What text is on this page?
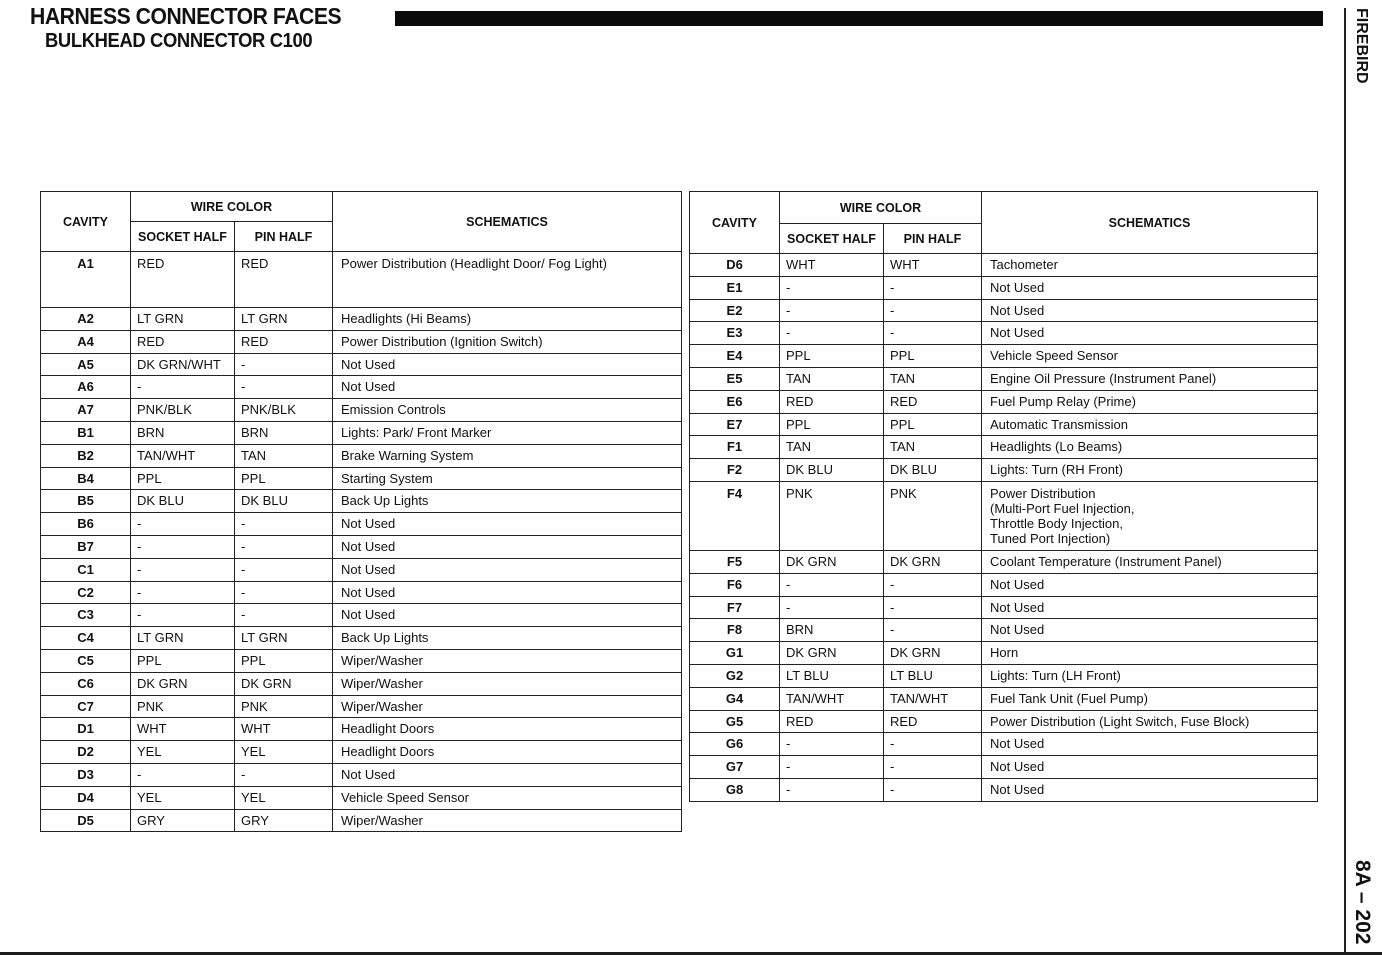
HARNESS CONNECTOR FACES
BULKHEAD CONNECTOR C100	FIREBIRD
8A – 202
CAVITY	WIRE COLOR		SCHEMATICS
	SOCKET HALF	PIN HALF	
A1	RED	RED	Power Distribution (Headlight Door/ Fog Light)
A2	LT GRN	LT GRN	Headlights (Hi Beams)
A4	RED	RED	Power Distribution (Ignition Switch)
A5	DK GRN/WHT	-	Not Used
A6	-	-	Not Used
A7	PNK/BLK	PNK/BLK	Emission Controls
B1	BRN	BRN	Lights: Park/ Front Marker
B2	TAN/WHT	TAN	Brake Warning System
B4	PPL	PPL	Starting System
B5	DK BLU	DK BLU	Back Up Lights
B6	-	-	Not Used
B7	-	-	Not Used
C1	-	-	Not Used
C2	-	-	Not Used
C3	-	-	Not Used
C4	LT GRN	LT GRN	Back Up Lights
C5	PPL	PPL	Wiper/Washer
C6	DK GRN	DK GRN	Wiper/Washer
C7	PNK	PNK	Wiper/Washer
D1	WHT	WHT	Headlight Doors
D2	YEL	YEL	Headlight Doors
D3	-	-	Not Used
D4	YEL	YEL	Vehicle Speed Sensor
D5	GRY	GRY	Wiper/Washer
CAVITY	WIRE COLOR		SCHEMATICS
	SOCKET HALF	PIN HALF	
D6	WHT	WHT	Tachometer
E1	-	-	Not Used
E2	-	-	Not Used
E3	-	-	Not Used
E4	PPL	PPL	Vehicle Speed Sensor
E5	TAN	TAN	Engine Oil Pressure (Instrument Panel)
E6	RED	RED	Fuel Pump Relay (Prime)
E7	PPL	PPL	Automatic Transmission
F1	TAN	TAN	Headlights (Lo Beams)
F2	DK BLU	DK BLU	Lights: Turn (RH Front)
F4	PNK	PNK	Power Distribution
(Multi-Port Fuel Injection,
Throttle Body Injection,
Tuned Port Injection)
F5	DK GRN	DK GRN	Coolant Temperature (Instrument Panel)
F6	-	-	Not Used
F7	-	-	Not Used
F8	BRN	-	Not Used
G1	DK GRN	DK GRN	Horn
G2	LT BLU	LT BLU	Lights: Turn (LH Front)
G4	TAN/WHT	TAN/WHT	Fuel Tank Unit (Fuel Pump)
G5	RED	RED	Power Distribution (Light Switch, Fuse Block)
G6	-	-	Not Used
G7	-	-	Not Used
G8	-	-	Not Used
